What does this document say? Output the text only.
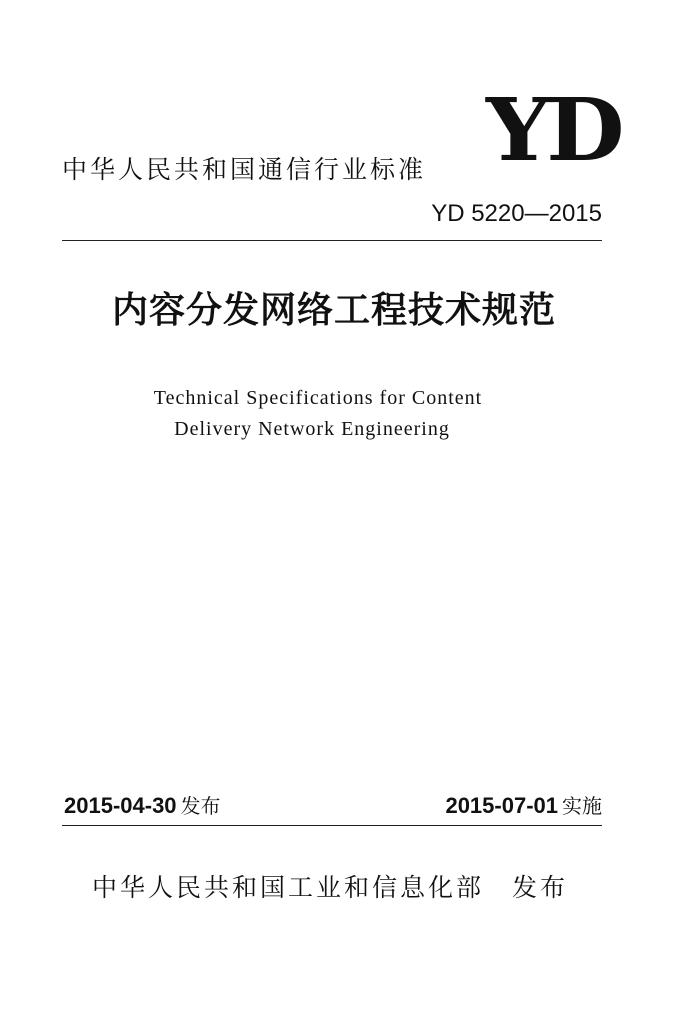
中华人民共和国通信行业标准 YD
YD 5220—2015
内容分发网络工程技术规范
Technical Specifications for Content
Delivery Network Engineering
2015-04-30 发布	2015-07-01 实施
中华人民共和国工业和信息化部 发布
